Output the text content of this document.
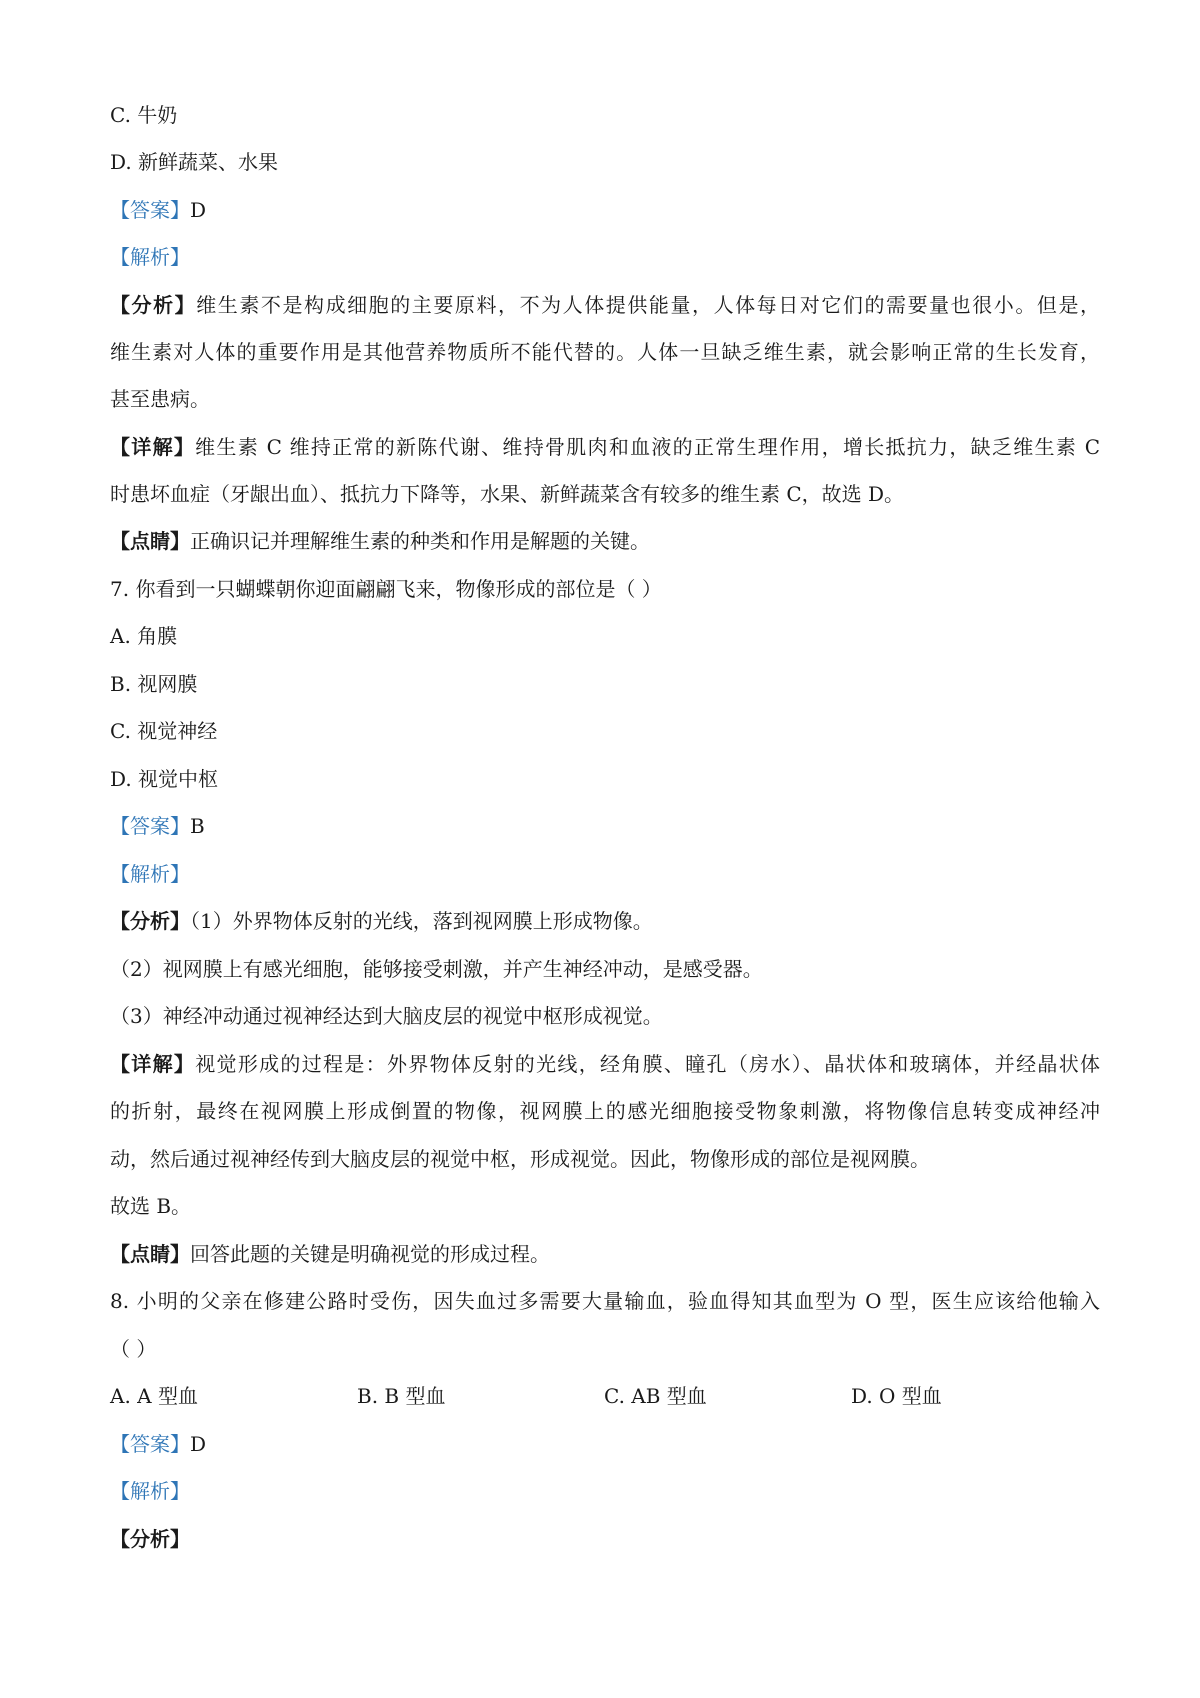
C. 牛奶
D. 新鲜蔬菜、水果
【答案】D
【解析】
【分析】维生素不是构成细胞的主要原料，不为人体提供能量，人体每日对它们的需要量也很小。但是，
维生素对人体的重要作用是其他营养物质所不能代替的。人体一旦缺乏维生素，就会影响正常的生长发育，
甚至患病。
【详解】维生素 C 维持正常的新陈代谢、维持骨肌肉和血液的正常生理作用，增长抵抗力，缺乏维生素 C
时患坏血症（牙龈出血）、抵抗力下降等，水果、新鲜蔬菜含有较多的维生素 C，故选 D。
【点睛】正确识记并理解维生素的种类和作用是解题的关键。
7. 你看到一只蝴蝶朝你迎面翩翩飞来，物像形成的部位是（ ）
A. 角膜
B. 视网膜
C. 视觉神经
D. 视觉中枢
【答案】B
【解析】
【分析】（1）外界物体反射的光线，落到视网膜上形成物像。
（2）视网膜上有感光细胞，能够接受刺激，并产生神经冲动，是感受器。
（3）神经冲动通过视神经达到大脑皮层的视觉中枢形成视觉。
【详解】视觉形成的过程是：外界物体反射的光线，经角膜、瞳孔（房水）、晶状体和玻璃体，并经晶状体
的折射，最终在视网膜上形成倒置的物像，视网膜上的感光细胞接受物象刺激，将物像信息转变成神经冲
动，然后通过视神经传到大脑皮层的视觉中枢，形成视觉。因此，物像形成的部位是视网膜。
故选 B。
【点睛】回答此题的关键是明确视觉的形成过程。
8. 小明的父亲在修建公路时受伤，因失血过多需要大量输血，验血得知其血型为 O 型，医生应该给他输入
（ ）
A. A 型血	B. B 型血	C. AB 型血	D. O 型血
【答案】D
【解析】
【分析】
